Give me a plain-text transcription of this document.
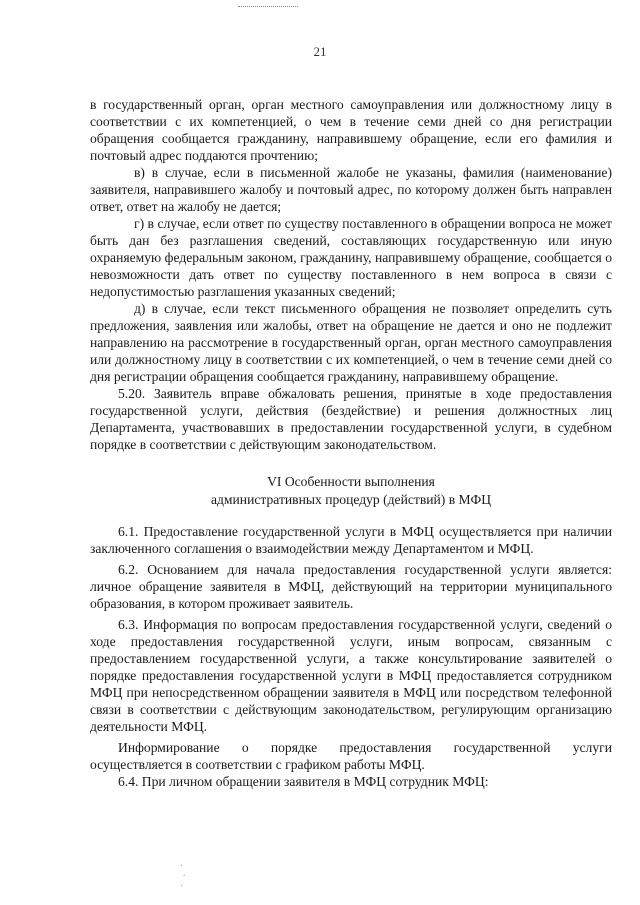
21

в государственный орган, орган местного самоуправления или должностному лицу в соответствии с их компетенцией, о чем в течение семи дней со дня регистрации обращения сообщается гражданину, направившему обращение, если его фамилия и почтовый адрес поддаются прочтению;

в) в случае, если в письменной жалобе не указаны, фамилия (наименование) заявителя, направившего жалобу и почтовый адрес, по которому должен быть направлен ответ, ответ на жалобу не дается;

г) в случае, если ответ по существу поставленного в обращении вопроса не может быть дан без разглашения сведений, составляющих государственную или иную охраняемую федеральным законом, гражданину, направившему обращение, сообщается о невозможности дать ответ по существу поставленного в нем вопроса в связи с недопустимостью разглашения указанных сведений;

д) в случае, если текст письменного обращения не позволяет определить суть предложения, заявления или жалобы, ответ на обращение не дается и оно не подлежит направлению на рассмотрение в государственный орган, орган местного самоуправления или должностному лицу в соответствии с их компетенцией, о чем в течение семи дней со дня регистрации обращения сообщается гражданину, направившему обращение.

5.20. Заявитель вправе обжаловать решения, принятые в ходе предоставления государственной услуги, действия (бездействие) и решения должностных лиц Департамента, участвовавших в предоставлении государственной услуги, в судебном порядке в соответствии с действующим законодательством.

VI Особенности выполнения
административных процедур (действий) в МФЦ

6.1. Предоставление государственной услуги в МФЦ осуществляется при наличии заключенного соглашения о взаимодействии между Департаментом и МФЦ.

6.2. Основанием для начала предоставления государственной услуги является: личное обращение заявителя в МФЦ, действующий на территории муниципального образования, в котором проживает заявитель.

6.3. Информация по вопросам предоставления государственной услуги, сведений о ходе предоставления государственной услуги, иным вопросам, связанным с предоставлением государственной услуги, а также консультирование заявителей о порядке предоставления государственной услуги в МФЦ предоставляется сотрудником МФЦ при непосредственном обращении заявителя в МФЦ или посредством телефонной связи в соответствии с действующим законодательством, регулирующим организацию деятельности МФЦ.

Информирование о порядке предоставления государственной услуги осуществляется в соответствии с графиком работы МФЦ.

6.4. При личном обращении заявителя в МФЦ сотрудник МФЦ:

·
·
·
